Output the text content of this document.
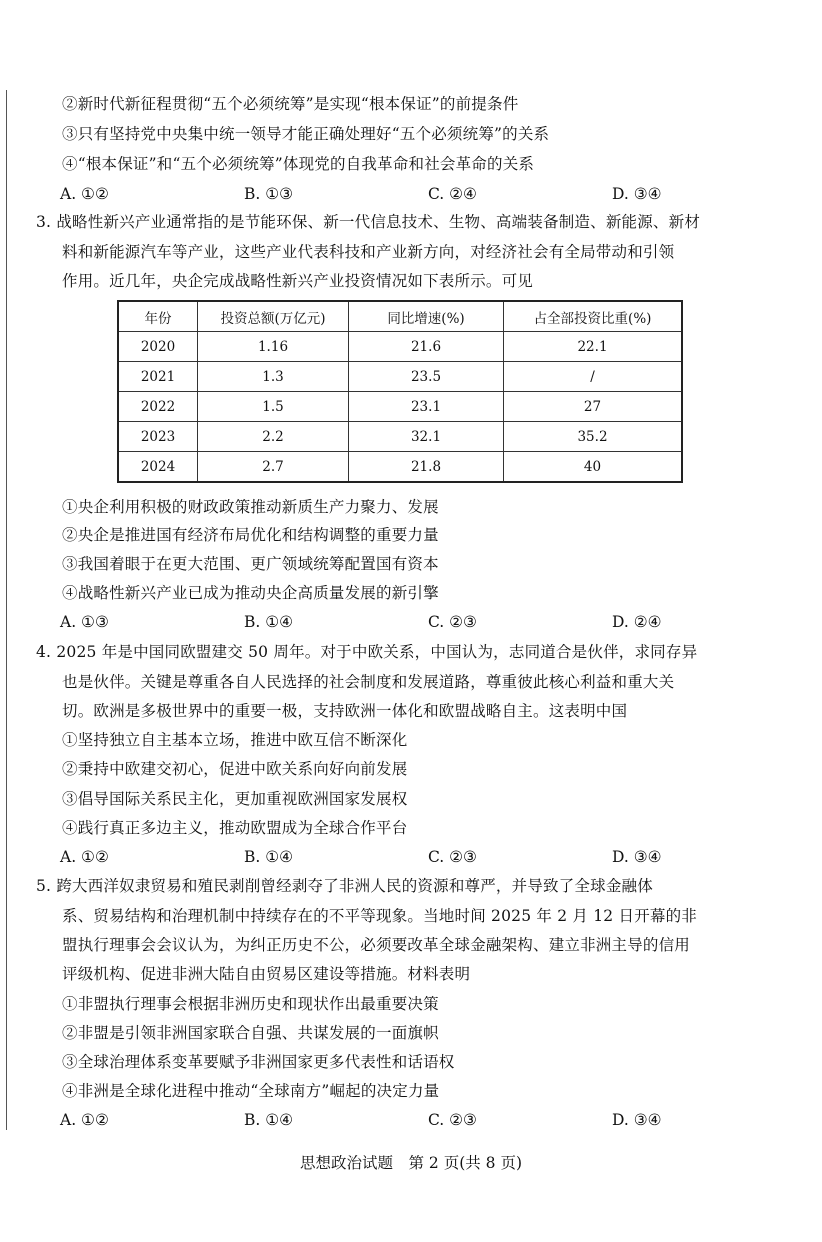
②新时代新征程贯彻“五个必须统筹”是实现“根本保证”的前提条件
③只有坚持党中央集中统一领导才能正确处理好“五个必须统筹”的关系
④“根本保证”和“五个必须统筹”体现党的自我革命和社会革命的关系
A. ①②	B. ①③	C. ②④	D. ③④
3. 战略性新兴产业通常指的是节能环保、新一代信息技术、生物、高端装备制造、新能源、新材
料和新能源汽车等产业，这些产业代表科技和产业新方向，对经济社会有全局带动和引领
作用。近几年，央企完成战略性新兴产业投资情况如下表所示。可见
年份	投资总额(万亿元)	同比增速(%)	占全部投资比重(%)
2020	1.16	21.6	22.1
2021	1.3	23.5	/
2022	1.5	23.1	27
2023	2.2	32.1	35.2
2024	2.7	21.8	40
①央企利用积极的财政政策推动新质生产力聚力、发展
②央企是推进国有经济布局优化和结构调整的重要力量
③我国着眼于在更大范围、更广领域统筹配置国有资本
④战略性新兴产业已成为推动央企高质量发展的新引擎
A. ①③	B. ①④	C. ②③	D. ②④
4. 2025 年是中国同欧盟建交 50 周年。对于中欧关系，中国认为，志同道合是伙伴，求同存异
也是伙伴。关键是尊重各自人民选择的社会制度和发展道路，尊重彼此核心利益和重大关
切。欧洲是多极世界中的重要一极，支持欧洲一体化和欧盟战略自主。这表明中国
①坚持独立自主基本立场，推进中欧互信不断深化
②秉持中欧建交初心，促进中欧关系向好向前发展
③倡导国际关系民主化，更加重视欧洲国家发展权
④践行真正多边主义，推动欧盟成为全球合作平台
A. ①②	B. ①④	C. ②③	D. ③④
5. 跨大西洋奴隶贸易和殖民剥削曾经剥夺了非洲人民的资源和尊严，并导致了全球金融体
系、贸易结构和治理机制中持续存在的不平等现象。当地时间 2025 年 2 月 12 日开幕的非
盟执行理事会会议认为，为纠正历史不公，必须要改革全球金融架构、建立非洲主导的信用
评级机构、促进非洲大陆自由贸易区建设等措施。材料表明
①非盟执行理事会根据非洲历史和现状作出最重要决策
②非盟是引领非洲国家联合自强、共谋发展的一面旗帜
③全球治理体系变革要赋予非洲国家更多代表性和话语权
④非洲是全球化进程中推动“全球南方”崛起的决定力量
A. ①②	B. ①④	C. ②③	D. ③④
思想政治试题　第 2 页(共 8 页)
